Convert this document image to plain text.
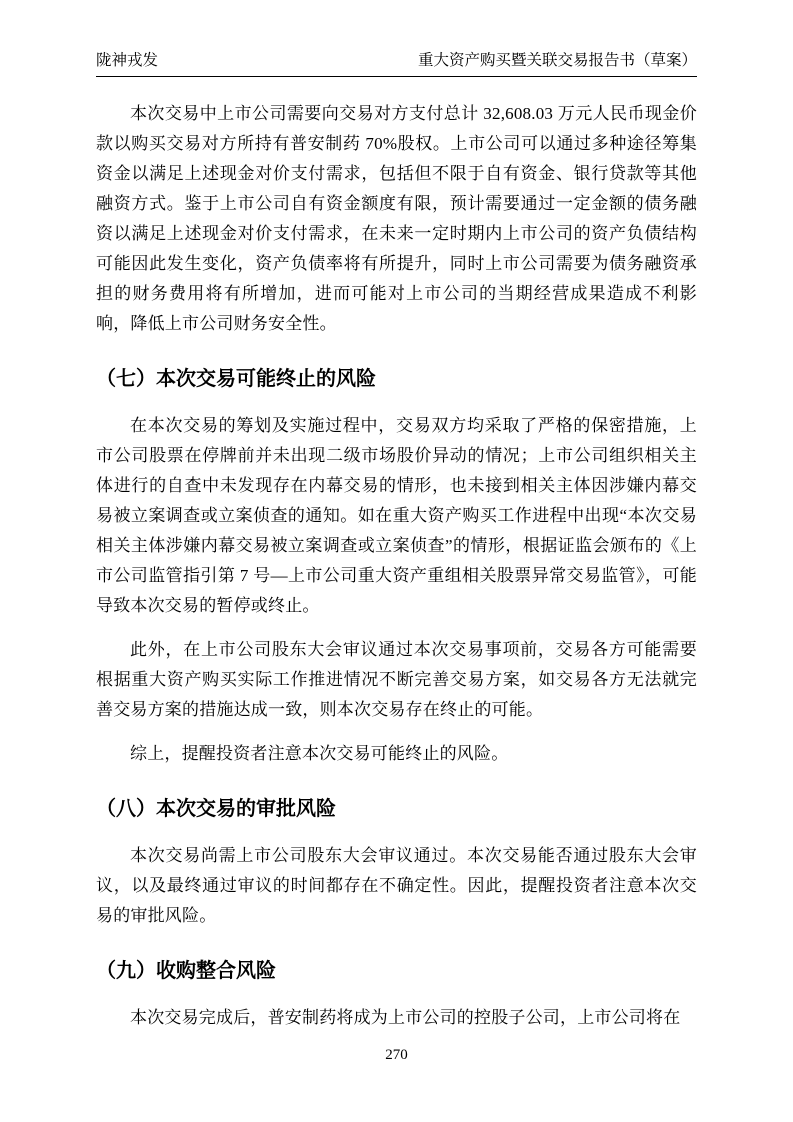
陇神戎发	重大资产购买暨关联交易报告书（草案）

本次交易中上市公司需要向交易对方支付总计 32,608.03 万元人民币现金价款以购买交易对方所持有普安制药 70%股权。上市公司可以通过多种途径筹集资金以满足上述现金对价支付需求，包括但不限于自有资金、银行贷款等其他融资方式。鉴于上市公司自有资金额度有限，预计需要通过一定金额的债务融资以满足上述现金对价支付需求，在未来一定时期内上市公司的资产负债结构可能因此发生变化，资产负债率将有所提升，同时上市公司需要为债务融资承担的财务费用将有所增加，进而可能对上市公司的当期经营成果造成不利影响，降低上市公司财务安全性。

（七）本次交易可能终止的风险

在本次交易的筹划及实施过程中，交易双方均采取了严格的保密措施，上市公司股票在停牌前并未出现二级市场股价异动的情况；上市公司组织相关主体进行的自查中未发现存在内幕交易的情形，也未接到相关主体因涉嫌内幕交易被立案调查或立案侦查的通知。如在重大资产购买工作进程中出现“本次交易相关主体涉嫌内幕交易被立案调查或立案侦查”的情形，根据证监会颁布的《上市公司监管指引第 7 号—上市公司重大资产重组相关股票异常交易监管》，可能导致本次交易的暂停或终止。

此外，在上市公司股东大会审议通过本次交易事项前，交易各方可能需要根据重大资产购买实际工作推进情况不断完善交易方案，如交易各方无法就完善交易方案的措施达成一致，则本次交易存在终止的可能。

综上，提醒投资者注意本次交易可能终止的风险。

（八）本次交易的审批风险

本次交易尚需上市公司股东大会审议通过。本次交易能否通过股东大会审议，以及最终通过审议的时间都存在不确定性。因此，提醒投资者注意本次交易的审批风险。

（九）收购整合风险

本次交易完成后，普安制药将成为上市公司的控股子公司，上市公司将在

270
